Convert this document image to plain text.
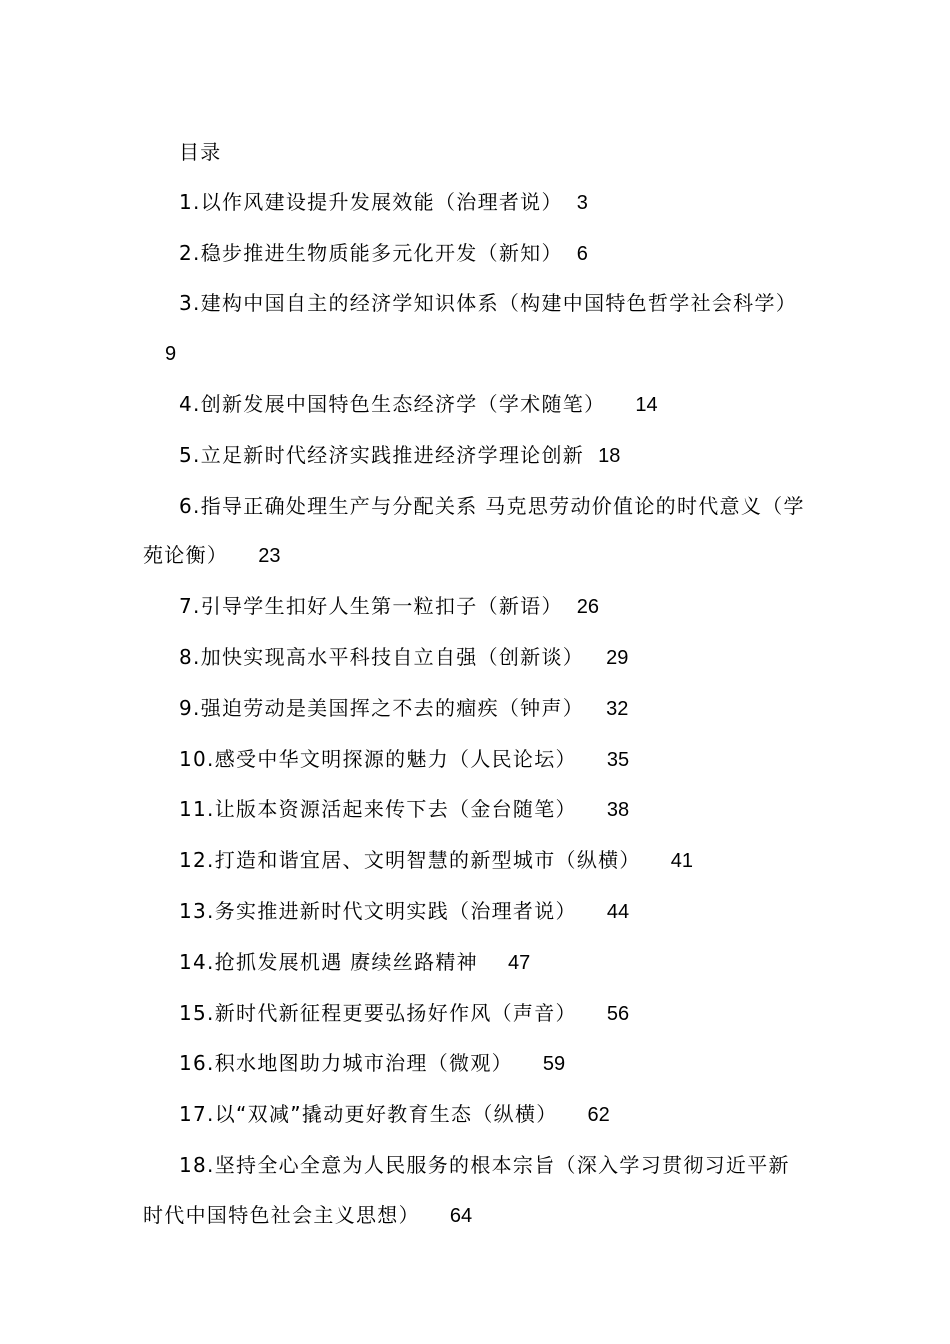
目录

1.以作风建设提升发展效能（治理者说） 3

2.稳步推进生物质能多元化开发（新知） 6

3.建构中国自主的经济学知识体系（构建中国特色哲学社会科学）9

4.创新发展中国特色生态经济学（学术随笔） 14

5.立足新时代经济实践推进经济学理论创新 18

6.指导正确处理生产与分配关系 马克思劳动价值论的时代意义（学苑论衡） 23

7.引导学生扣好人生第一粒扣子（新语） 26

8.加快实现高水平科技自立自强（创新谈） 29

9.强迫劳动是美国挥之不去的痼疾（钟声） 32

10.感受中华文明探源的魅力（人民论坛） 35

11.让版本资源活起来传下去（金台随笔） 38

12.打造和谐宜居、文明智慧的新型城市（纵横） 41

13.务实推进新时代文明实践（治理者说） 44

14.抢抓发展机遇 赓续丝路精神 47

15.新时代新征程更要弘扬好作风（声音） 56

16.积水地图助力城市治理（微观） 59

17.以“双减”撬动更好教育生态（纵横） 62

18.坚持全心全意为人民服务的根本宗旨（深入学习贯彻习近平新时代中国特色社会主义思想） 64
